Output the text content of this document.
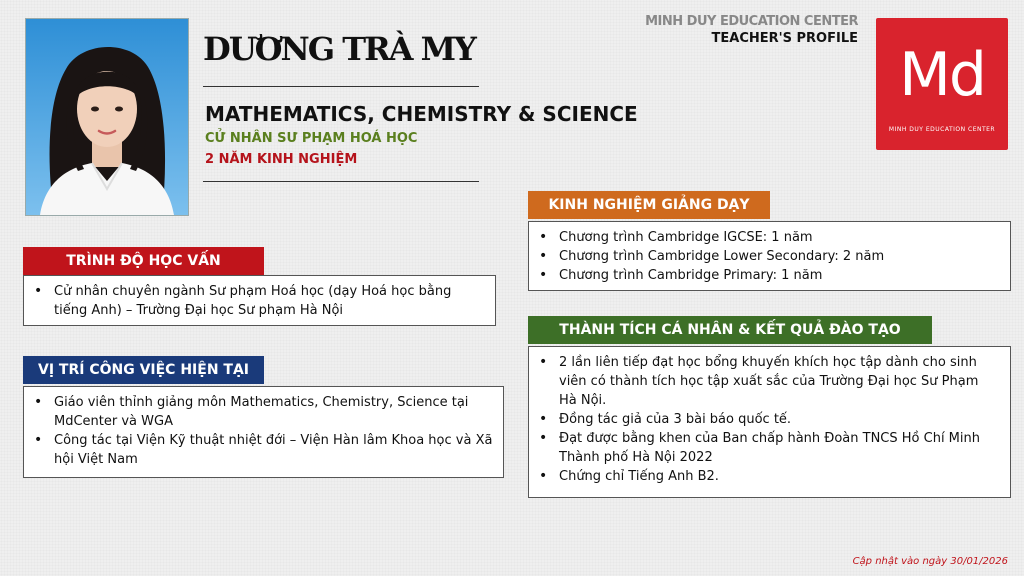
DƯƠNG TRÀ MY
MATHEMATICS, CHEMISTRY & SCIENCE
CỬ NHÂN SƯ PHẠM HOÁ HỌC
2 NĂM KINH NGHIỆM
MINH DUY EDUCATION CENTER
TEACHER'S PROFILE
Md
MINH DUY EDUCATION CENTER
TRÌNH ĐỘ HỌC VẤN
• Cử nhân chuyên ngành Sư phạm Hoá học (dạy Hoá học bằng tiếng Anh) – Trường Đại học Sư phạm Hà Nội
VỊ TRÍ CÔNG VIỆC HIỆN TẠI
• Giáo viên thỉnh giảng môn Mathematics, Chemistry, Science tại MdCenter và WGA
• Công tác tại Viện Kỹ thuật nhiệt đới – Viện Hàn lâm Khoa học và Xã hội Việt Nam
KINH NGHIỆM GIẢNG DẠY
• Chương trình Cambridge IGCSE: 1 năm
• Chương trình Cambridge Lower Secondary: 2 năm
• Chương trình Cambridge Primary: 1 năm
THÀNH TÍCH CÁ NHÂN & KẾT QUẢ ĐÀO TẠO
• 2 lần liên tiếp đạt học bổng khuyến khích học tập dành cho sinh viên có thành tích học tập xuất sắc của Trường Đại học Sư Phạm Hà Nội.
• Đồng tác giả của 3 bài báo quốc tế.
• Đạt được bằng khen của Ban chấp hành Đoàn TNCS Hồ Chí Minh Thành phố Hà Nội 2022
• Chứng chỉ Tiếng Anh B2.
Cập nhật vào ngày 30/01/2026
